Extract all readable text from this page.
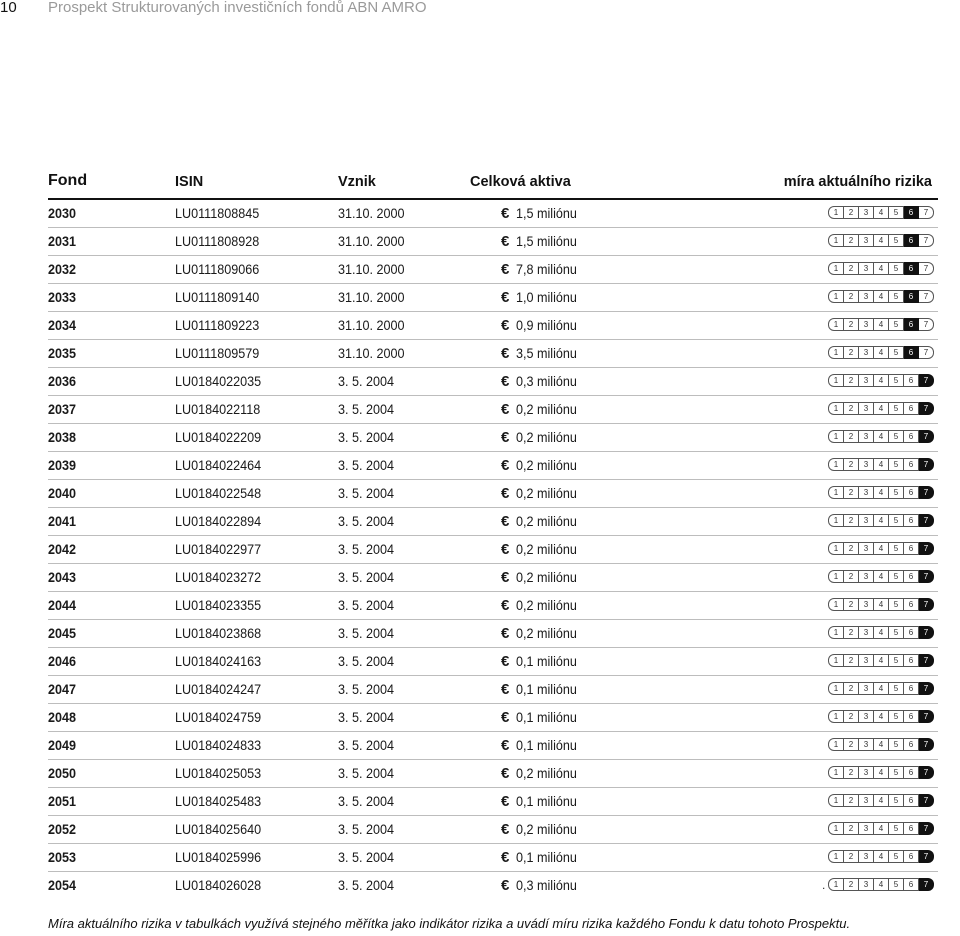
10 Prospekt Strukturovaných investičních fondů ABN AMRO
Fond	ISIN	Vznik	Celková aktiva	míra aktuálního rizika
2030	LU0111808845	31.10. 2000	€ 1,5 miliónu	1	2	3	4	5	6	7
2031	LU0111808928	31.10. 2000	€ 1,5 miliónu	1	2	3	4	5	6	7
2032	LU0111809066	31.10. 2000	€ 7,8 miliónu	1	2	3	4	5	6	7
2033	LU0111809140	31.10. 2000	€ 1,0 miliónu	1	2	3	4	5	6	7
2034	LU0111809223	31.10. 2000	€ 0,9 miliónu	1	2	3	4	5	6	7
2035	LU0111809579	31.10. 2000	€ 3,5 miliónu	1	2	3	4	5	6	7
2036	LU0184022035	3. 5. 2004	€ 0,3 miliónu	1	2	3	4	5	6	7
2037	LU0184022118	3. 5. 2004	€ 0,2 miliónu	1	2	3	4	5	6	7
2038	LU0184022209	3. 5. 2004	€ 0,2 miliónu	1	2	3	4	5	6	7
2039	LU0184022464	3. 5. 2004	€ 0,2 miliónu	1	2	3	4	5	6	7
2040	LU0184022548	3. 5. 2004	€ 0,2 miliónu	1	2	3	4	5	6	7
2041	LU0184022894	3. 5. 2004	€ 0,2 miliónu	1	2	3	4	5	6	7
2042	LU0184022977	3. 5. 2004	€ 0,2 miliónu	1	2	3	4	5	6	7
2043	LU0184023272	3. 5. 2004	€ 0,2 miliónu	1	2	3	4	5	6	7
2044	LU0184023355	3. 5. 2004	€ 0,2 miliónu	1	2	3	4	5	6	7
2045	LU0184023868	3. 5. 2004	€ 0,2 miliónu	1	2	3	4	5	6	7
2046	LU0184024163	3. 5. 2004	€ 0,1 miliónu	1	2	3	4	5	6	7
2047	LU0184024247	3. 5. 2004	€ 0,1 miliónu	1	2	3	4	5	6	7
2048	LU0184024759	3. 5. 2004	€ 0,1 miliónu	1	2	3	4	5	6	7
2049	LU0184024833	3. 5. 2004	€ 0,1 miliónu	1	2	3	4	5	6	7
2050	LU0184025053	3. 5. 2004	€ 0,2 miliónu	1	2	3	4	5	6	7
2051	LU0184025483	3. 5. 2004	€ 0,1 miliónu	1	2	3	4	5	6	7
2052	LU0184025640	3. 5. 2004	€ 0,2 miliónu	1	2	3	4	5	6	7
2053	LU0184025996	3. 5. 2004	€ 0,1 miliónu	1	2	3	4	5	6	7
2054	LU0184026028	3. 5. 2004	€ 0,3 miliónu	1	2	3	4	5	6	7
.
Míra aktuálního rizika v tabulkách využívá stejného měřítka jako indikátor rizika a uvádí míru rizika každého Fondu k datu tohoto Prospektu.
